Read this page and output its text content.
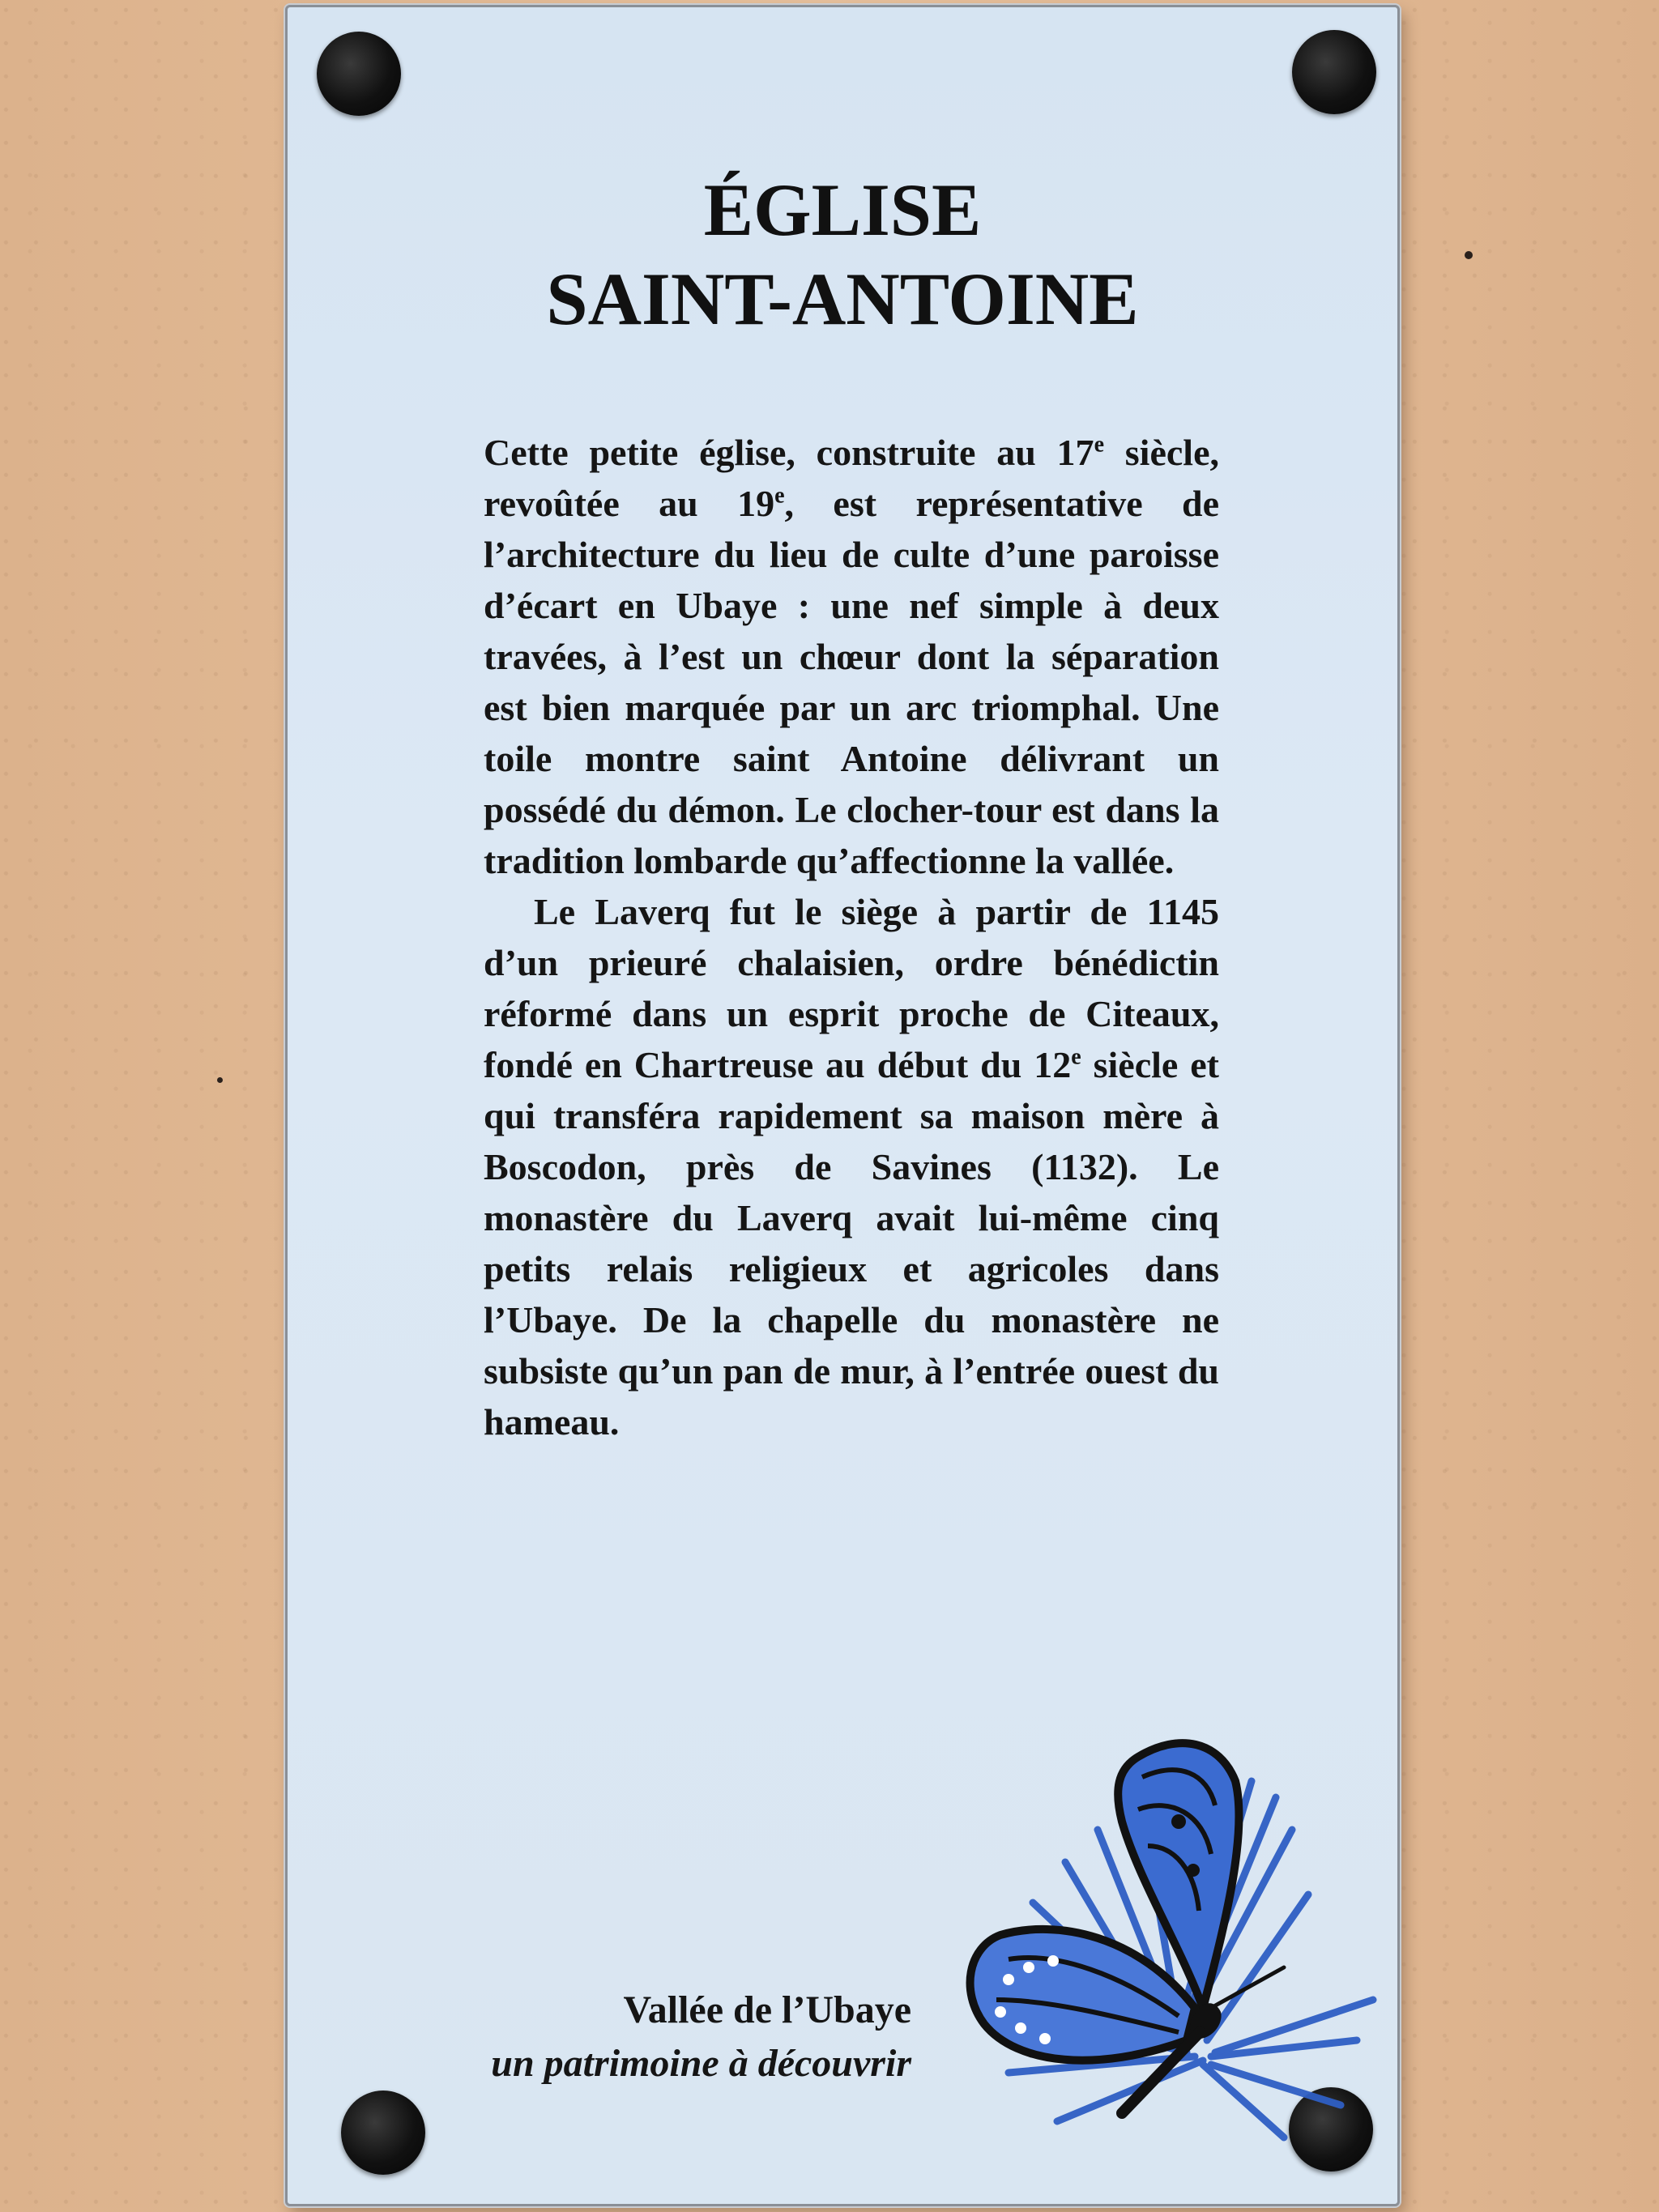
ÉGLISE
SAINT-ANTOINE

Cette petite église, construite au 17e siècle, revoûtée au 19e, est représentative de l’architecture du lieu de culte d’une paroisse d’écart en Ubaye : une nef simple à deux travées, à l’est un chœur dont la séparation est bien marquée par un arc triomphal. Une toile montre saint Antoine délivrant un possédé du démon. Le clocher-tour est dans la tradition lombarde qu’affectionne la vallée.

Le Laverq fut le siège à partir de 1145 d’un prieuré chalaisien, ordre bénédictin réformé dans un esprit proche de Citeaux, fondé en Chartreuse au début du 12e siècle et qui transféra rapidement sa maison mère à Boscodon, près de Savines (1132). Le monastère du Laverq avait lui-même cinq petits relais religieux et agricoles dans l’Ubaye. De la chapelle du monastère ne subsiste qu’un pan de mur, à l’entrée ouest du hameau.

Vallée de l’Ubaye
un patrimoine à découvrir
